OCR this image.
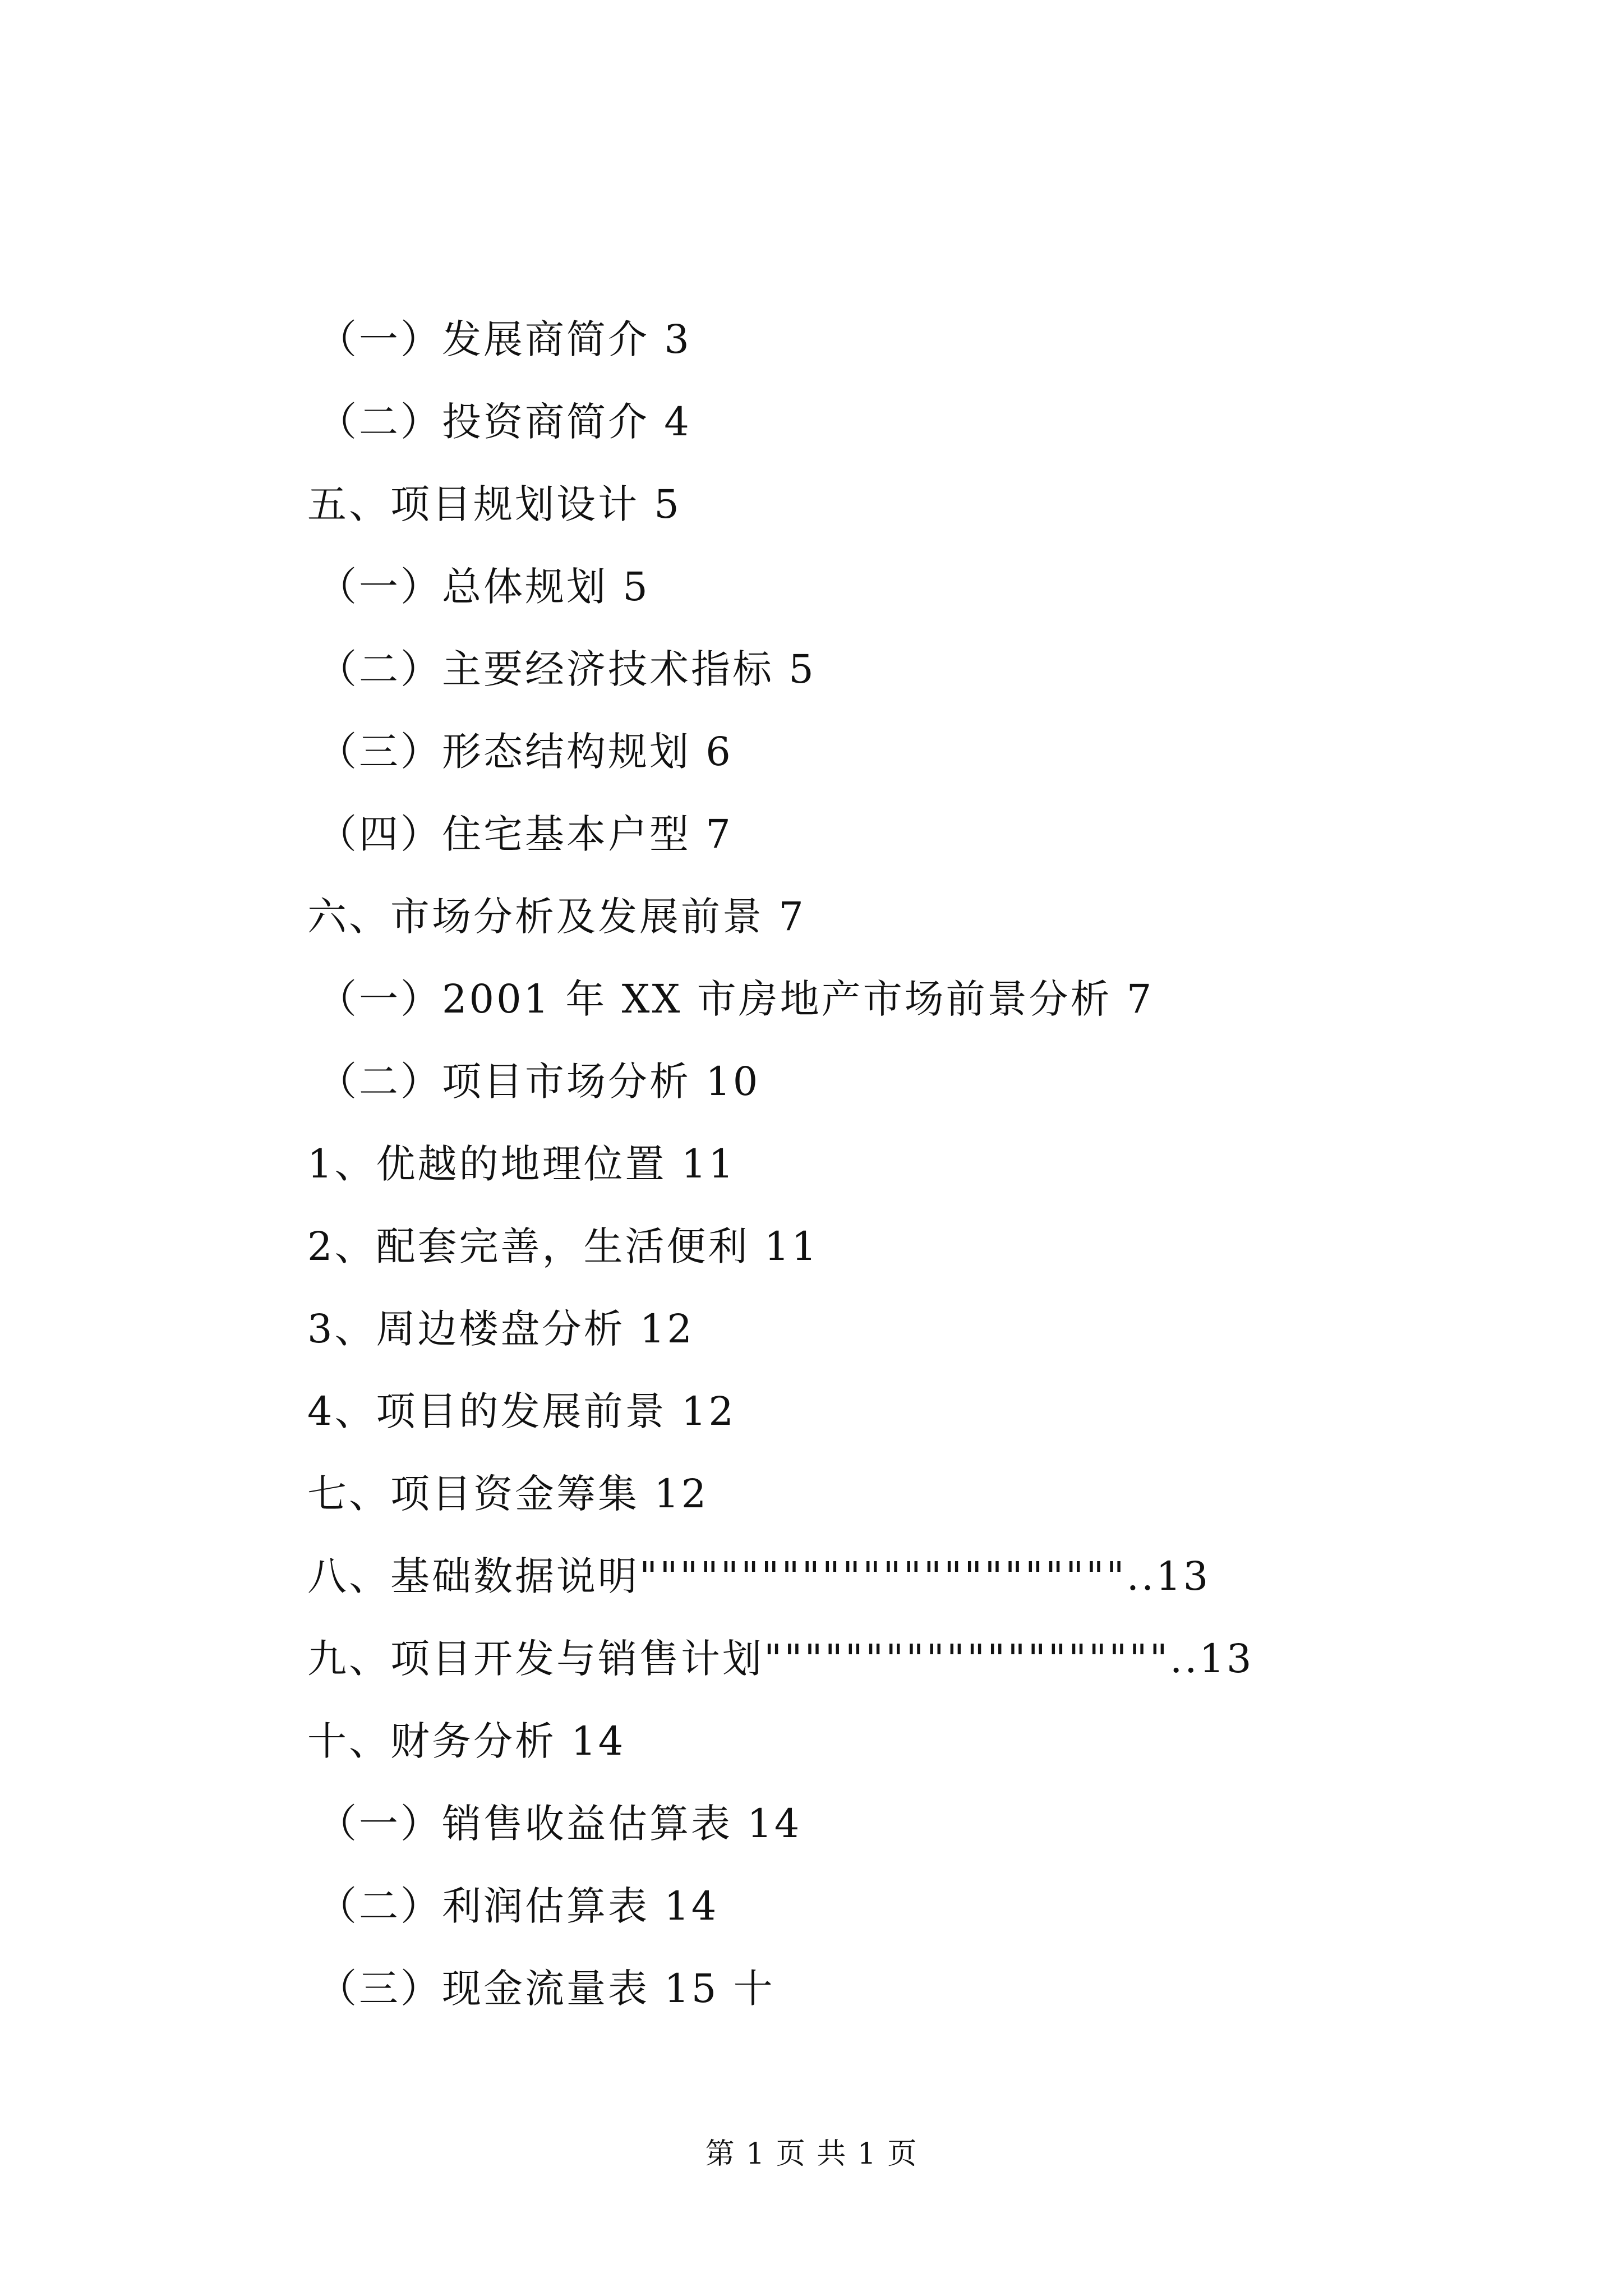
（一）发展商简介 3
（二）投资商简介 4
五、项目规划设计 5
（一）总体规划 5
（二）主要经济技术指标 5
（三）形态结构规划 6
（四）住宅基本户型 7
六、市场分析及发展前景 7
（一）2001 年 XX 市房地产市场前景分析 7
（二）项目市场分析 10
1、优越的地理位置 11
2、配套完善，生活便利 11
3、周边楼盘分析 12
4、项目的发展前景 12
七、项目资金筹集 12
八、基础数据说明""""""""""""""""""""""""..13
九、项目开发与销售计划""""""""""""""""""""..13
十、财务分析 14
（一）销售收益估算表 14
（二）利润估算表 14
（三）现金流量表 15 十
第 1 页 共 1 页
